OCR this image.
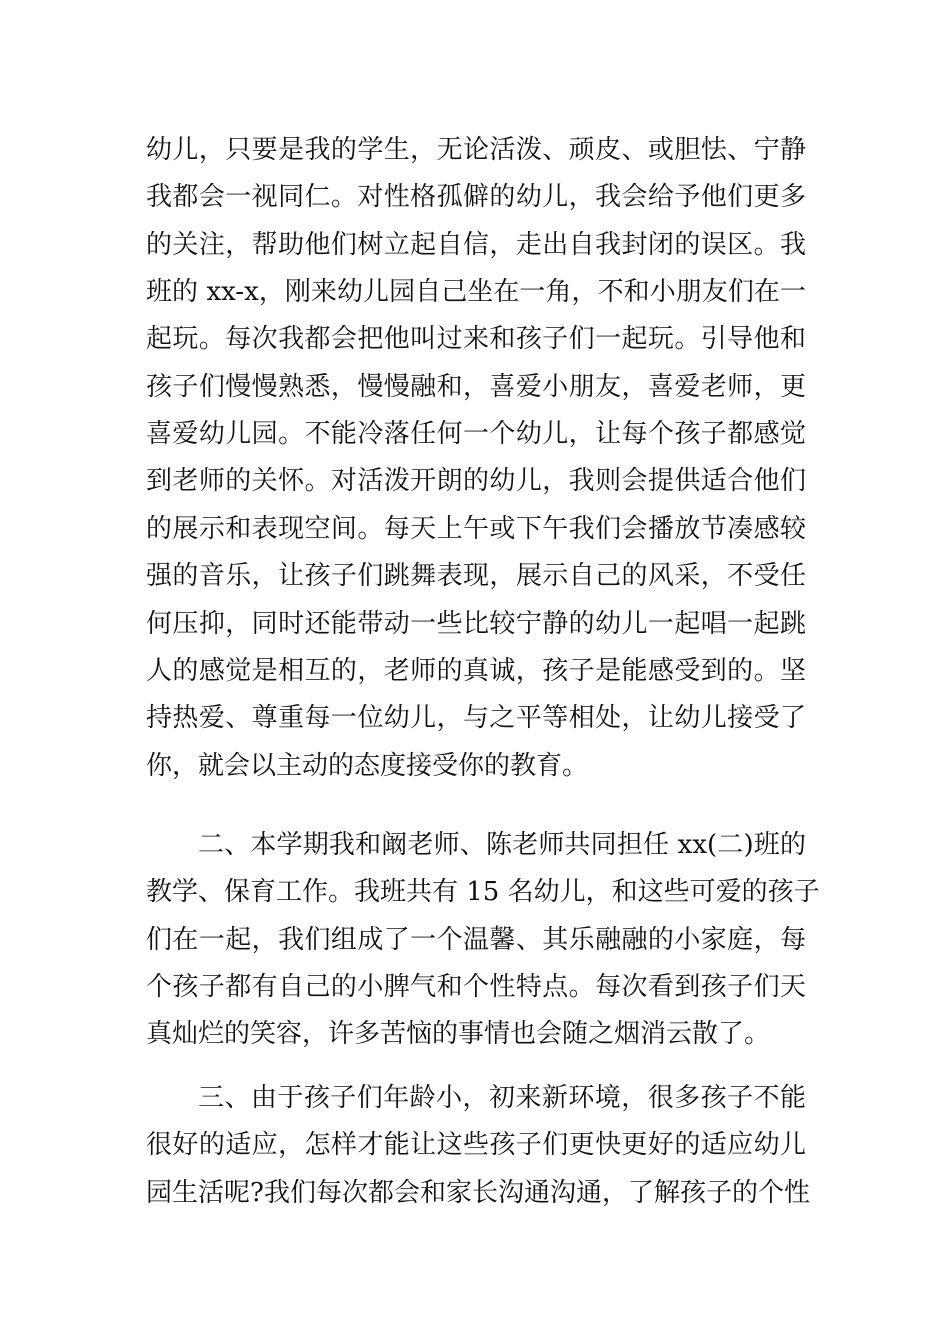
幼儿，只要是我的学生，无论活泼、顽皮、或胆怯、宁静
我都会一视同仁。对性格孤僻的幼儿，我会给予他们更多
的关注，帮助他们树立起自信，走出自我封闭的误区。我
班的 xx-x，刚来幼儿园自己坐在一角，不和小朋友们在一
起玩。每次我都会把他叫过来和孩子们一起玩。引导他和
孩子们慢慢熟悉，慢慢融和，喜爱小朋友，喜爱老师，更
喜爱幼儿园。不能冷落任何一个幼儿，让每个孩子都感觉
到老师的关怀。对活泼开朗的幼儿，我则会提供适合他们
的展示和表现空间。每天上午或下午我们会播放节凑感较
强的音乐，让孩子们跳舞表现，展示自己的风采，不受任
何压抑，同时还能带动一些比较宁静的幼儿一起唱一起跳
人的感觉是相互的，老师的真诚，孩子是能感受到的。坚
持热爱、尊重每一位幼儿，与之平等相处，让幼儿接受了
你，就会以主动的态度接受你的教育。
二、本学期我和阚老师、陈老师共同担任 xx(二)班的
教学、保育工作。我班共有 15 名幼儿，和这些可爱的孩子
们在一起，我们组成了一个温馨、其乐融融的小家庭，每
个孩子都有自己的小脾气和个性特点。每次看到孩子们天
真灿烂的笑容，许多苦恼的事情也会随之烟消云散了。
三、由于孩子们年龄小，初来新环境，很多孩子不能
很好的适应，怎样才能让这些孩子们更快更好的适应幼儿
园生活呢?我们每次都会和家长沟通沟通，了解孩子的个性
